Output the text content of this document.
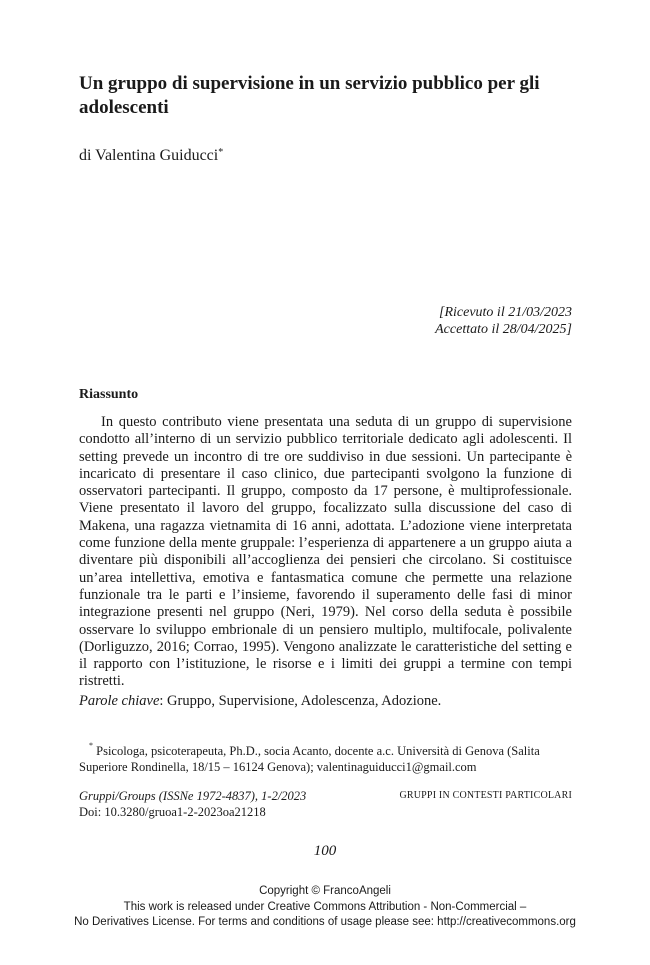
Un gruppo di supervisione in un servizio pubblico per gli adolescenti
di Valentina Guiducci*
[Ricevuto il 21/03/2023
Accettato il 28/04/2025]
Riassunto

In questo contributo viene presentata una seduta di un gruppo di supervisione condotto all’interno di un servizio pubblico territoriale dedicato agli adolescenti. Il setting prevede un incontro di tre ore suddiviso in due sessioni. Un partecipante è incaricato di presentare il caso clinico, due partecipanti svolgono la funzione di osservatori partecipanti. Il gruppo, composto da 17 persone, è multiprofessionale. Viene presentato il lavoro del gruppo, focalizzato sulla discussione del caso di Makena, una ragazza vietnamita di 16 anni, adottata. L’adozione viene interpretata come funzione della mente gruppale: l’esperienza di appartenere a un gruppo aiuta a diventare più disponibili all’accoglienza dei pensieri che circolano. Si costituisce un’area intellettiva, emotiva e fantasmatica comune che permette una relazione funzionale tra le parti e l’insieme, favorendo il superamento delle fasi di minor integrazione presenti nel gruppo (Neri, 1979). Nel corso della seduta è possibile osservare lo sviluppo embrionale di un pensiero multiplo, multifocale, polivalente (Dorliguzzo, 2016; Corrao, 1995). Vengono analizzate le caratteristiche del setting e il rapporto con l’istituzione, le risorse e i limiti dei gruppi a termine con tempi ristretti.

Parole chiave: Gruppo, Supervisione, Adolescenza, Adozione.

* Psicologa, psicoterapeuta, Ph.D., socia Acanto, docente a.c. Università di Genova (Salita Superiore Rondinella, 18/15 – 16124 Genova); valentinaguiducci1@gmail.com

Gruppi/Groups (ISSNe 1972-4837), 1-2/2023
Doi: 10.3280/gruoa1-2-2023oa21218
GRUPPI IN CONTESTI PARTICOLARI
100
Copyright © FrancoAngeli
This work is released under Creative Commons Attribution - Non-Commercial –
No Derivatives License. For terms and conditions of usage please see: http://creativecommons.org
